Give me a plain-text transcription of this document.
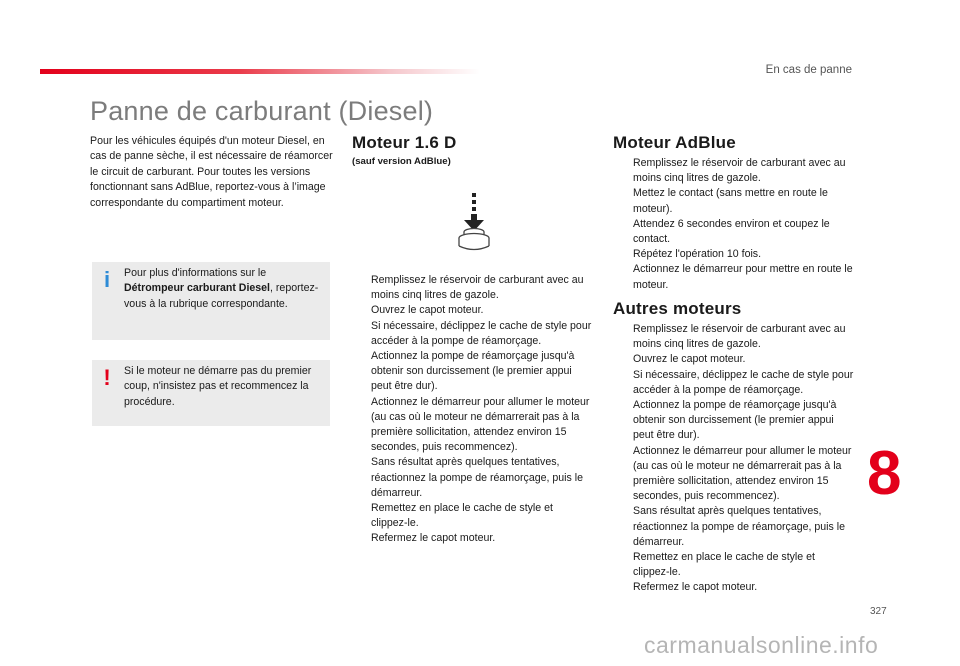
En cas de panne
Panne de carburant (Diesel)

Pour les véhicules équipés d'un moteur Diesel, en cas de panne sèche, il est nécessaire de réamorcer le circuit de carburant. Pour toutes les versions fonctionnant sans AdBlue, reportez-vous à l’image correspondante du compartiment moteur.

i	Pour plus d'informations sur le Détrompeur carburant Diesel, reportez-vous à la rubrique correspondante.

!	Si le moteur ne démarre pas du premier coup, n'insistez pas et recommencez la procédure.

Moteur 1.6 D

(sauf version AdBlue)

Remplissez le réservoir de carburant avec au moins cinq litres de gazole.
Ouvrez le capot moteur.
Si nécessaire, déclippez le cache de style pour accéder à la pompe de réamorçage.
Actionnez la pompe de réamorçage jusqu'à obtenir son durcissement (le premier appui peut être dur).
Actionnez le démarreur pour allumer le moteur (au cas où le moteur ne démarrerait pas à la première sollicitation, attendez environ 15 secondes, puis recommencez).
Sans résultat après quelques tentatives, réactionnez la pompe de réamorçage, puis le démarreur.
Remettez en place le cache de style et clippez-le.
Refermez le capot moteur.
Moteur AdBlue
Remplissez le réservoir de carburant avec au moins cinq litres de gazole.
Mettez le contact (sans mettre en route le moteur).
Attendez 6 secondes environ et coupez le contact.
Répétez l'opération 10 fois.
Actionnez le démarreur pour mettre en route le moteur.
Autres moteurs
Remplissez le réservoir de carburant avec au moins cinq litres de gazole.
Ouvrez le capot moteur.
Si nécessaire, déclippez le cache de style pour accéder à la pompe de réamorçage.
Actionnez la pompe de réamorçage jusqu'à obtenir son durcissement (le premier appui peut être dur).
Actionnez le démarreur pour allumer le moteur (au cas où le moteur ne démarrerait pas à la première sollicitation, attendez environ 15 secondes, puis recommencez).
Sans résultat après quelques tentatives, réactionnez la pompe de réamorçage, puis le démarreur.
Remettez en place le cache de style et clippez-le.
Refermez le capot moteur.
8
327
carmanualsonline.info
